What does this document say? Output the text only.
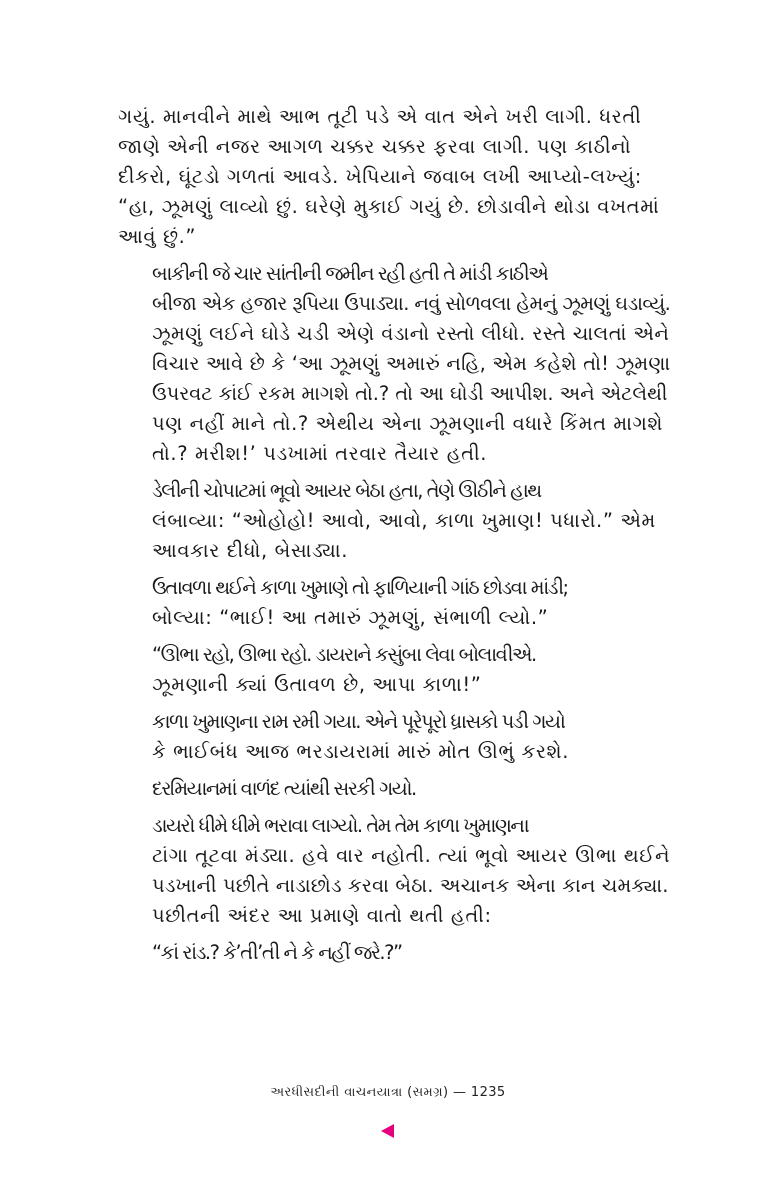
ગયું. માનવીને માથે આભ તૂટી પડે એ વાત એને ખરી લાગી. ધરતી
જાણે એની નજર આગળ ચક્કર ચક્કર ફરવા લાગી. પણ કાઠીનો
દીકરો, ઘૂંટડો ગળતાં આવડે. ખેપિયાને જવાબ લખી આપ્યો-લખ્યું:
“હા, ઝૂમણું લાવ્યો છું. ઘરેણે મુકાઈ ગયું છે. છોડાવીને થોડા વખતમાં
આવું છું.”
બાકીની જે ચાર સાંતીની જમીન રહી હતી તે માંડી કાઠીએ
બીજા એક હજાર રૂપિયા ઉપાડ્યા. નવું સોળવલા હેમનું ઝૂમણું ઘડાવ્યું.
ઝૂમણું લઈને ઘોડે ચડી એણે વંડાનો રસ્તો લીધો. રસ્તે ચાલતાં એને
વિચાર આવે છે કે ‘આ ઝૂમણું અમારું નહિ, એમ કહેશે તો! ઝૂમણા
ઉપરવટ કાંઈ રકમ માગશે તો.? તો આ ઘોડી આપીશ. અને એટલેથી
પણ નહીં માને તો.? એથીય એના ઝૂમણાની વધારે કિંમત માગશે
તો.? મરીશ!’ પડખામાં તરવાર તૈયાર હતી.
ડેલીની ચોપાટમાં ભૂવો આયર બેઠા હતા, તેણે ઊઠીને હાથ
લંબાવ્યા: “ઓહોહો! આવો, આવો, કાળા ખુમાણ! પધારો.” એમ
આવકાર દીધો, બેસાડ્યા.
ઉતાવળા થઈને કાળા ખુમાણે તો ફાળિયાની ગાંઠ છોડવા માંડી;
બોલ્યા: “ભાઈ! આ તમારું ઝૂમણું, સંભાળી લ્યો.”
“ઊભા રહો, ઊભા રહો. ડાયરાને કસુંબા લેવા બોલાવીએ.
ઝૂમણાની ક્યાં ઉતાવળ છે, આપા કાળા!”
કાળા ખુમાણના રામ રમી ગયા. એને પૂરેપૂરો ધ્રાસકો પડી ગયો
કે ભાઈબંધ આજ ભરડાયરામાં મારું મોત ઊભું કરશે.
દરમિયાનમાં વાળંદ ત્યાંથી સરકી ગયો.
ડાયરો ધીમે ધીમે ભરાવા લાગ્યો. તેમ તેમ કાળા ખુમાણના
ટાંગા તૂટવા મંડ્યા. હવે વાર નહોતી. ત્યાં ભૂવો આયર ઊભા થઈને
પડખાની પછીતે નાડાછોડ કરવા બેઠા. અચાનક એના કાન ચમક્યા.
પછીતની અંદર આ પ્રમાણે વાતો થતી હતી:
“કાં રાંડ.? કે’તી’તી ને કે નહીં જરે.?”
અરધીસદીની વાચનયાત્રા (સમગ્ર) — 1235
